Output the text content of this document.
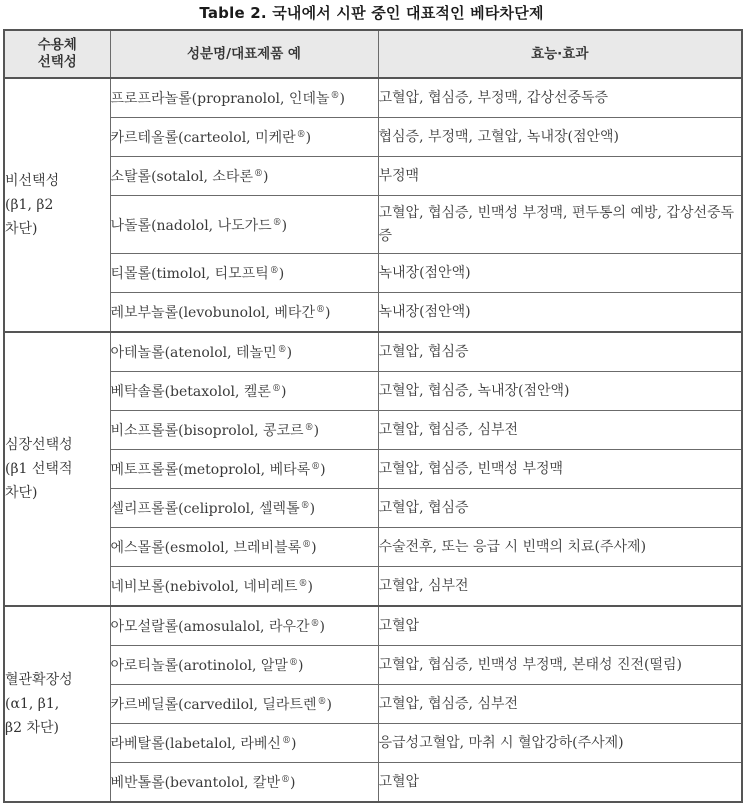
Table 2. 국내에서 시판 중인 대표적인 베타차단제
수용체
선택성	성분명/대표제품 예	효능·효과
비선택성
(β1, β2
차단)	프로프라놀롤(propranolol, 인데놀®)	고혈압, 협심증, 부정맥, 갑상선중독증
	카르테올롤(carteolol, 미케란®)	협심증, 부정맥, 고혈압, 녹내장(점안액)
	소탈롤(sotalol, 소타론®)	부정맥
	나돌롤(nadolol, 나도가드®)	고혈압, 협심증, 빈맥성 부정맥, 편두통의 예방, 갑상선중독증
	티몰롤(timolol, 티모프틱®)	녹내장(점안액)
	레보부놀롤(levobunolol, 베타간®)	녹내장(점안액)
심장선택성
(β1 선택적
차단)	아테놀롤(atenolol, 테놀민®)	고혈압, 협심증
	베탁솔롤(betaxolol, 켈론®)	고혈압, 협심증, 녹내장(점안액)
	비소프롤롤(bisoprolol, 콩코르®)	고혈압, 협심증, 심부전
	메토프롤롤(metoprolol, 베타록®)	고혈압, 협심증, 빈맥성 부정맥
	셀리프롤롤(celiprolol, 셀렉톨®)	고혈압, 협심증
	에스몰롤(esmolol, 브레비블록®)	수술전후, 또는 응급 시 빈맥의 치료(주사제)
	네비보롤(nebivolol, 네비레트®)	고혈압, 심부전
혈관확장성
(α1, β1,
β2 차단)	아모설랄롤(amosulalol, 라우간®)	고혈압
	아로티놀롤(arotinolol, 알말®)	고혈압, 협심증, 빈맥성 부정맥, 본태성 진전(떨림)
	카르베딜롤(carvedilol, 딜라트렌®)	고혈압, 협심증, 심부전
	라베탈롤(labetalol, 라베신®)	응급성고혈압, 마취 시 혈압강하(주사제)
	베반톨롤(bevantolol, 칼반®)	고혈압
